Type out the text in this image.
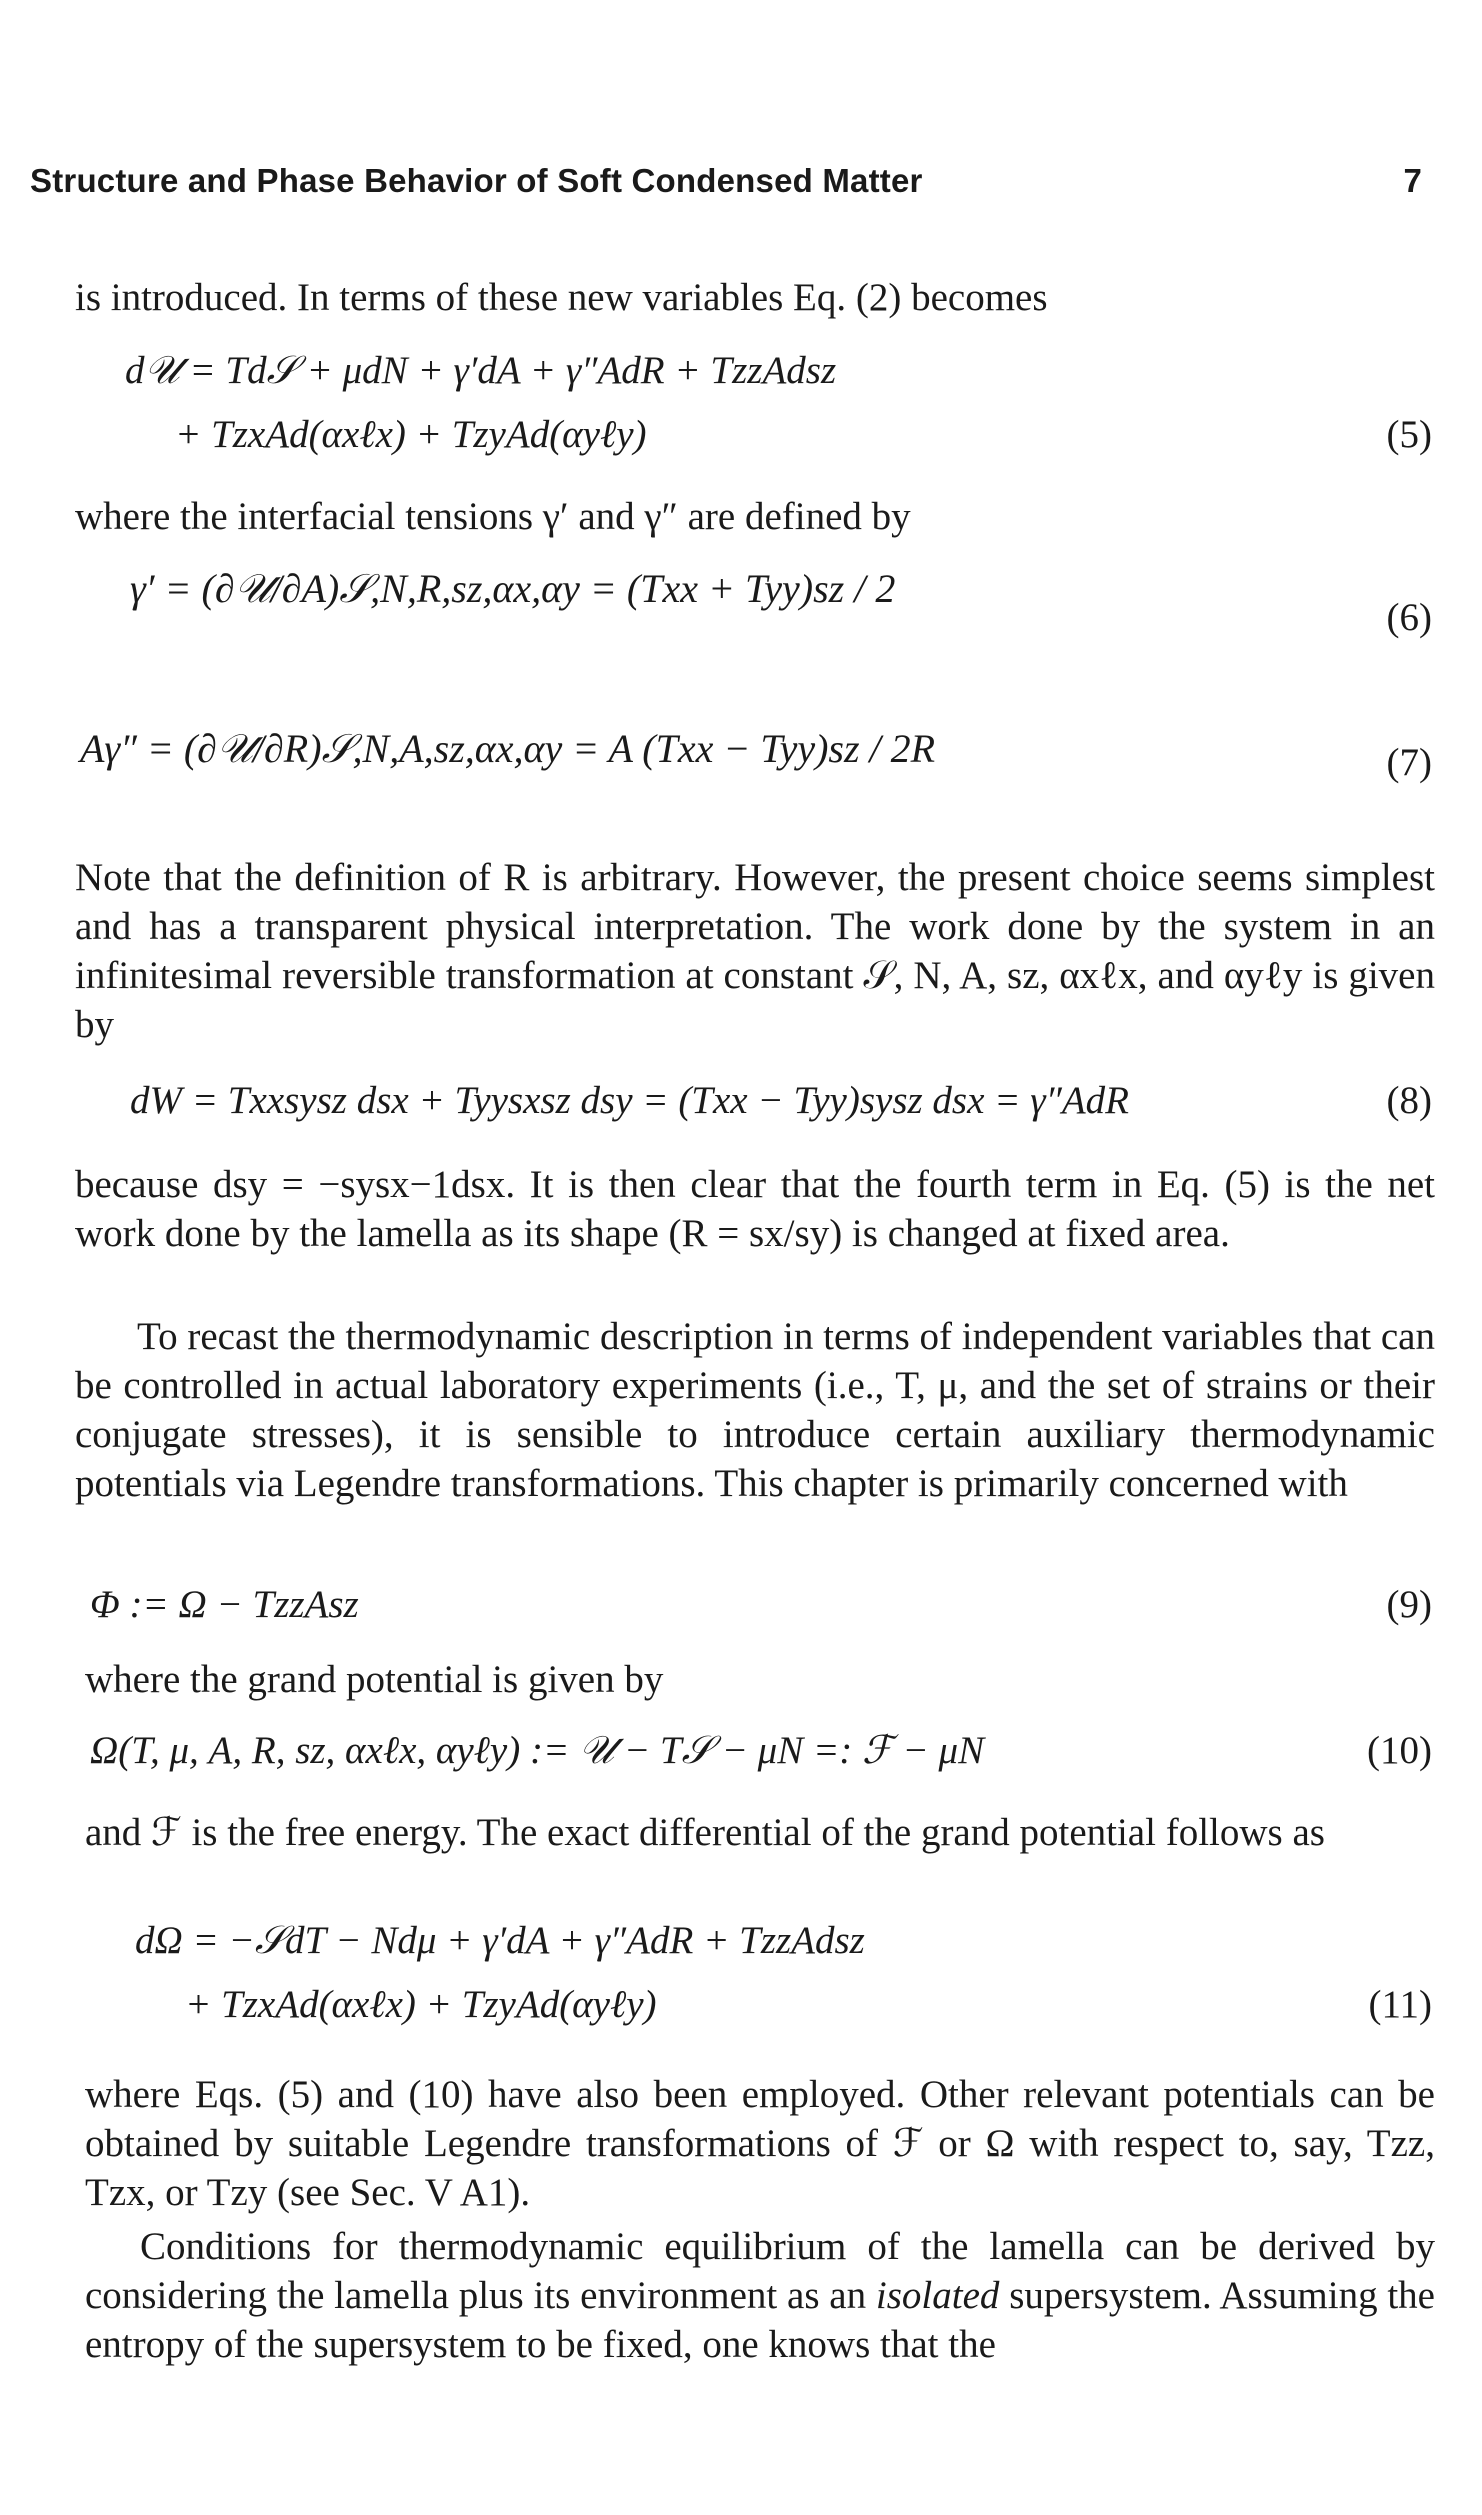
Structure and Phase Behavior of Soft Condensed Matter	7
is introduced. In terms of these new variables Eq. (2) becomes
d𝒰 = Td𝒮 + μdN + γ′dA + γ″AdR + TzzAdsz
+ TzxAd(αxℓx) + TzyAd(αyℓy)	(5)
where the interfacial tensions γ′ and γ″ are defined by
γ′ = (∂𝒰/∂A)𝒮,N,R,sz,αx,αy = (Txx + Tyy)sz / 2
(6)
Aγ″ = (∂𝒰/∂R)𝒮,N,A,sz,αx,αy = A (Txx − Tyy)sz / 2R	(7)
Note that the definition of R is arbitrary. However, the present choice seems simplest and has a transparent physical interpretation. The work done by the system in an infinitesimal reversible transformation at constant 𝒮, N, A, sz, αxℓx, and αyℓy is given by
dW = Txxsysz dsx + Tyysxsz dsy = (Txx − Tyy)sysz dsx = γ″AdR	(8)
because dsy = −sysx−1dsx. It is then clear that the fourth term in Eq. (5) is the net work done by the lamella as its shape (R = sx/sy) is changed at fixed area.
To recast the thermodynamic description in terms of independent variables that can be controlled in actual laboratory experiments (i.e., T, μ, and the set of strains or their conjugate stresses), it is sensible to introduce certain auxiliary thermodynamic potentials via Legendre transformations. This chapter is primarily concerned with
Φ := Ω − TzzAsz	(9)
where the grand potential is given by
Ω(T, μ, A, R, sz, αxℓx, αyℓy) := 𝒰 − T𝒮 − μN =: ℱ − μN	(10)
and ℱ is the free energy. The exact differential of the grand potential follows as
dΩ = −𝒮dT − Ndμ + γ′dA + γ″AdR + TzzAdsz
+ TzxAd(αxℓx) + TzyAd(αyℓy)	(11)
where Eqs. (5) and (10) have also been employed. Other relevant potentials can be obtained by suitable Legendre transformations of ℱ or Ω with respect to, say, Tzz, Tzx, or Tzy (see Sec. V A1).
Conditions for thermodynamic equilibrium of the lamella can be derived by considering the lamella plus its environment as an isolated supersystem. Assuming the entropy of the supersystem to be fixed, one knows that the
